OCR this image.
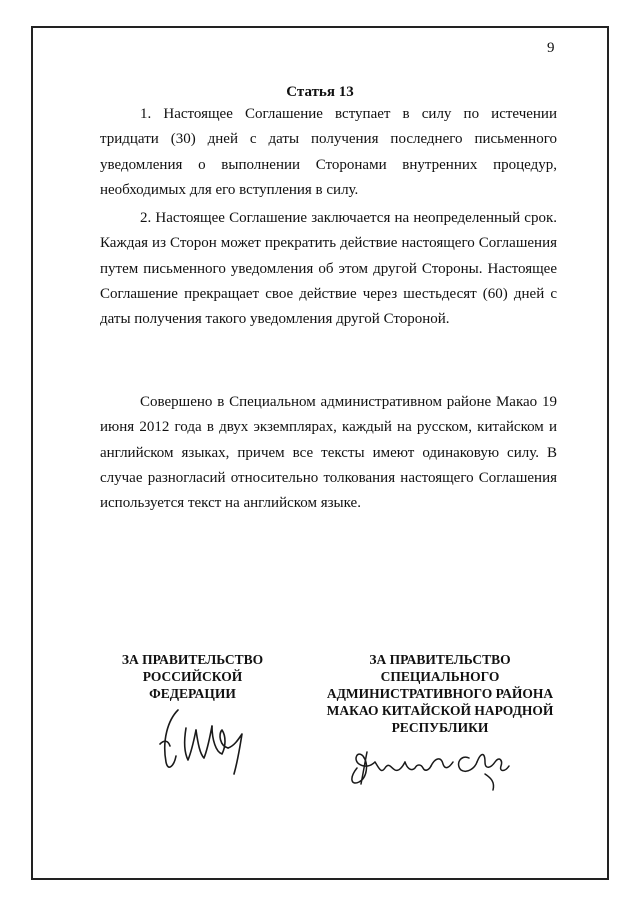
9
Статья 13

1. Настоящее Соглашение вступает в силу по истечении тридцати (30) дней с даты получения последнего письменного уведомления о выполнении Сторонами внутренних процедур, необходимых для его вступления в силу.

2. Настоящее Соглашение заключается на неопределенный срок. Каждая из Сторон может прекратить действие настоящего Соглашения путем письменного уведомления об этом другой Стороны. Настоящее Соглашение прекращает свое действие через шестьдесят (60) дней с даты получения такого уведомления другой Стороной.

Совершено в Специальном административном районе Макао 19 июня 2012 года в двух экземплярах, каждый на русском, китайском и английском языках, причем все тексты имеют одинаковую силу. В случае разногласий относительно толкования настоящего Соглашения используется текст на английском языке.

ЗА ПРАВИТЕЛЬСТВО
РОССИЙСКОЙ
ФЕДЕРАЦИИ
ЗА ПРАВИТЕЛЬСТВО
СПЕЦИАЛЬНОГО
АДМИНИСТРАТИВНОГО РАЙОНА
МАКАО КИТАЙСКОЙ НАРОДНОЙ
РЕСПУБЛИКИ
